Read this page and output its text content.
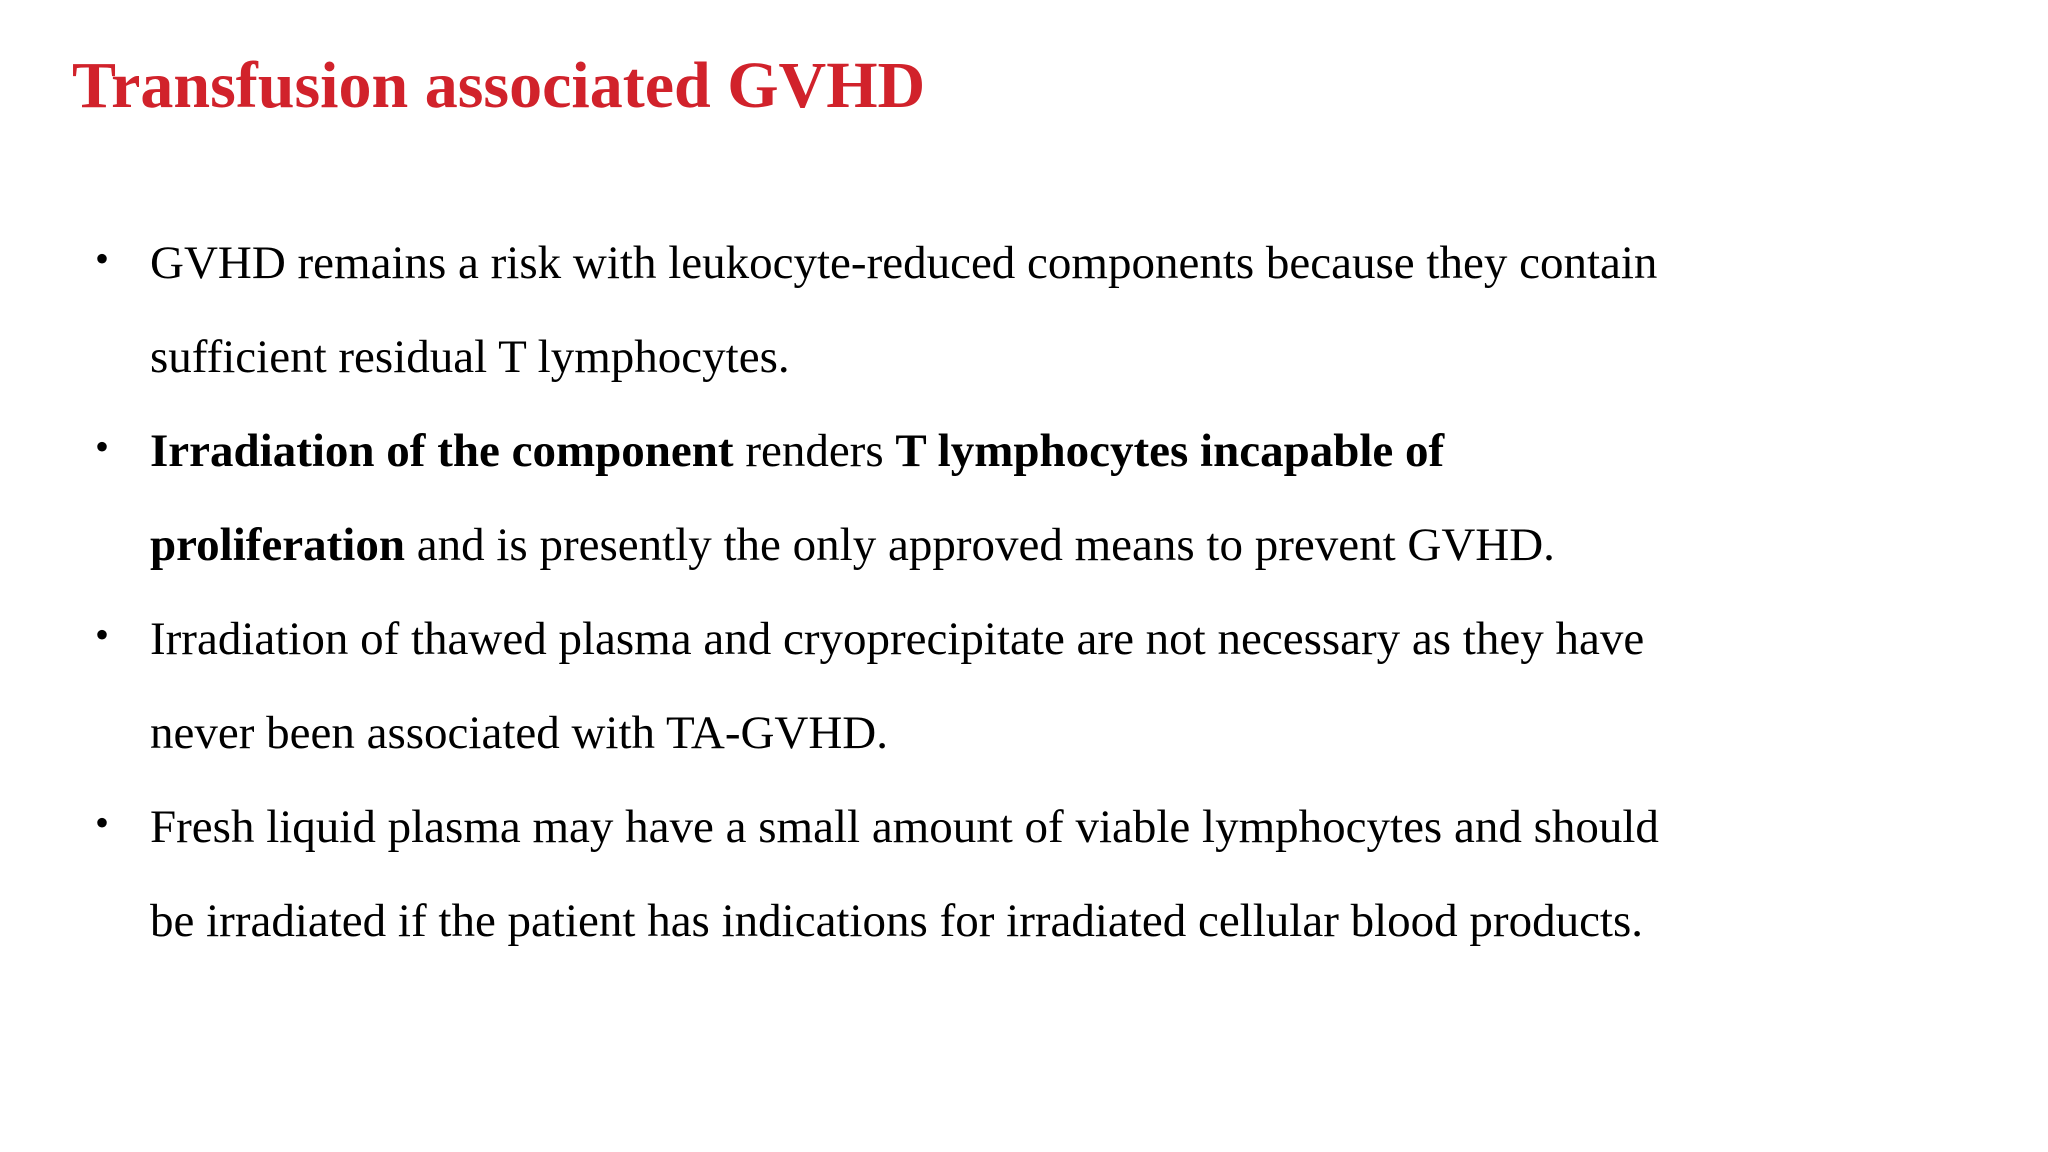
Transfusion associated GVHD
• GVHD remains a risk with leukocyte-reduced components because they contain
sufficient residual T lymphocytes.
• Irradiation of the component renders T lymphocytes incapable of
proliferation and is presently the only approved means to prevent GVHD.
• Irradiation of thawed plasma and cryoprecipitate are not necessary as they have
never been associated with TA-GVHD.
• Fresh liquid plasma may have a small amount of viable lymphocytes and should
be irradiated if the patient has indications for irradiated cellular blood products.
